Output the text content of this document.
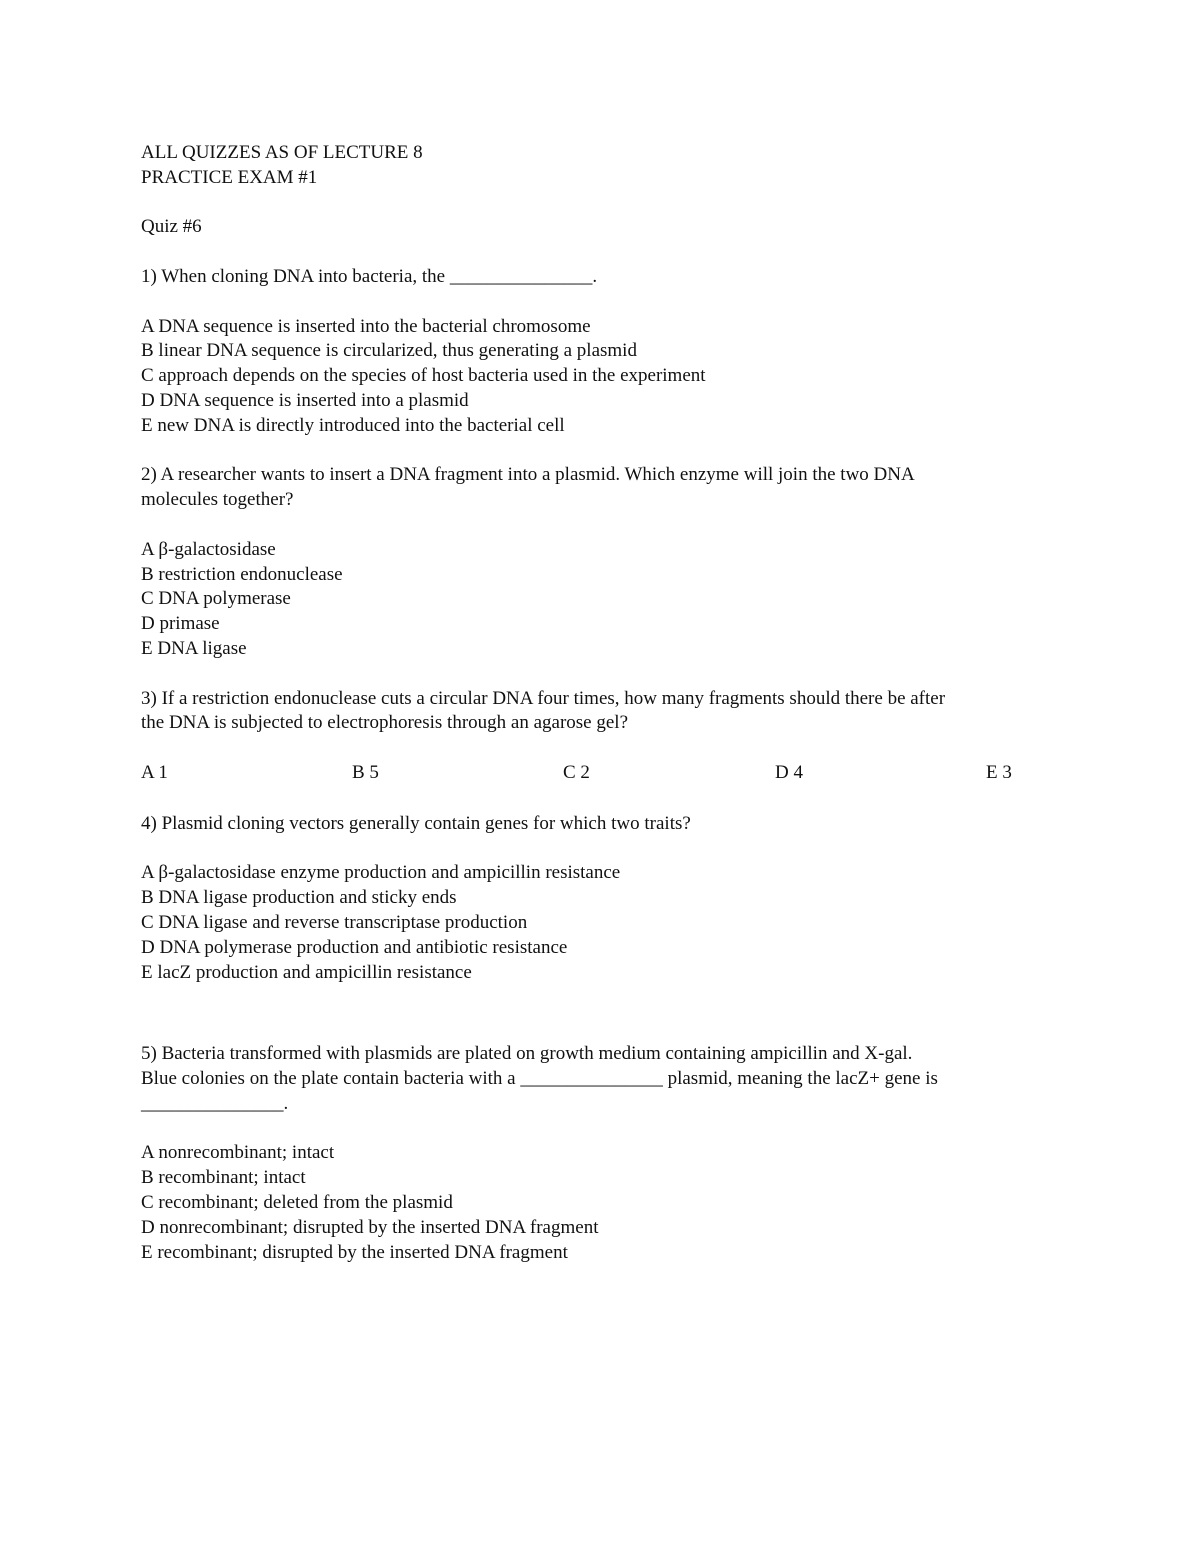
ALL QUIZZES AS OF LECTURE 8
PRACTICE EXAM #1
Quiz #6
1) When cloning DNA into bacteria, the _______________.
A DNA sequence is inserted into the bacterial chromosome
B linear DNA sequence is circularized, thus generating a plasmid
C approach depends on the species of host bacteria used in the experiment
D DNA sequence is inserted into a plasmid
E new DNA is directly introduced into the bacterial cell
2) A researcher wants to insert a DNA fragment into a plasmid. Which enzyme will join the two DNA
molecules together?
A β-galactosidase
B restriction endonuclease
C DNA polymerase
D primase
E DNA ligase
3) If a restriction endonuclease cuts a circular DNA four times, how many fragments should there be after
the DNA is subjected to electrophoresis through an agarose gel?
A 1	B 5	C 2	D 4	E 3
4) Plasmid cloning vectors generally contain genes for which two traits?
A β-galactosidase enzyme production and ampicillin resistance
B DNA ligase production and sticky ends
C DNA ligase and reverse transcriptase production
D DNA polymerase production and antibiotic resistance
E lacZ production and ampicillin resistance
5) Bacteria transformed with plasmids are plated on growth medium containing ampicillin and X-gal.
Blue colonies on the plate contain bacteria with a _______________ plasmid, meaning the lacZ+ gene is
_______________.
A nonrecombinant; intact
B recombinant; intact
C recombinant; deleted from the plasmid
D nonrecombinant; disrupted by the inserted DNA fragment
E recombinant; disrupted by the inserted DNA fragment
